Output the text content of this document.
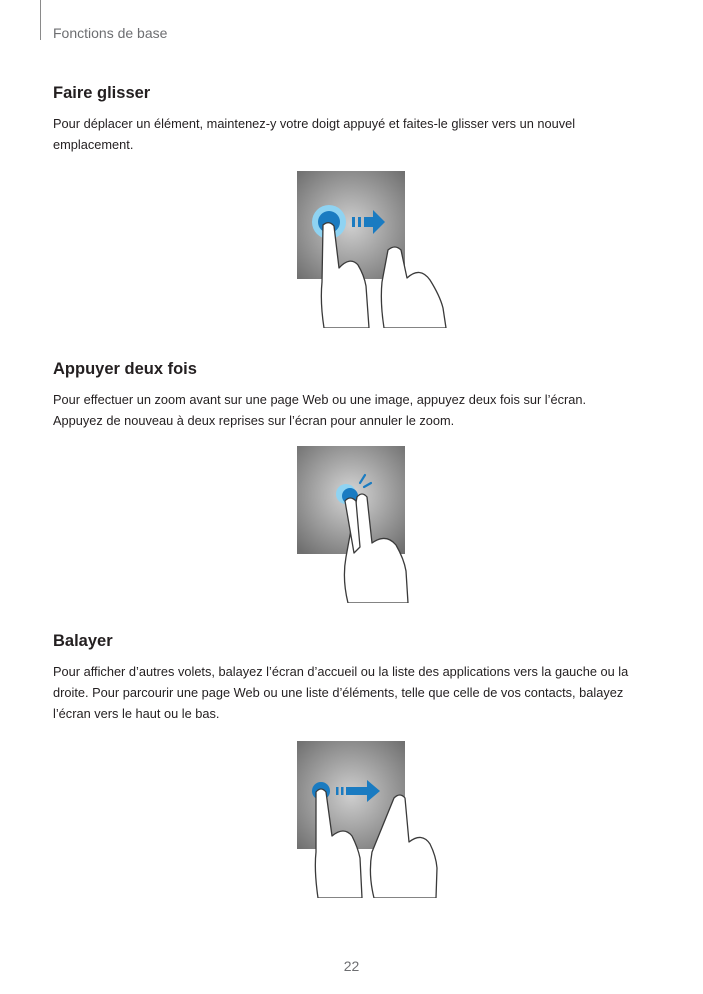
Fonctions de base
Faire glisser

Pour déplacer un élément, maintenez-y votre doigt appuyé et faites-le glisser vers un nouvel emplacement.

Appuyer deux fois

Pour effectuer un zoom avant sur une page Web ou une image, appuyez deux fois sur l’écran. Appuyez de nouveau à deux reprises sur l’écran pour annuler le zoom.

Balayer

Pour afficher d’autres volets, balayez l’écran d’accueil ou la liste des applications vers la gauche ou la droite. Pour parcourir une page Web ou une liste d’éléments, telle que celle de vos contacts, balayez l’écran vers le haut ou le bas.

22
